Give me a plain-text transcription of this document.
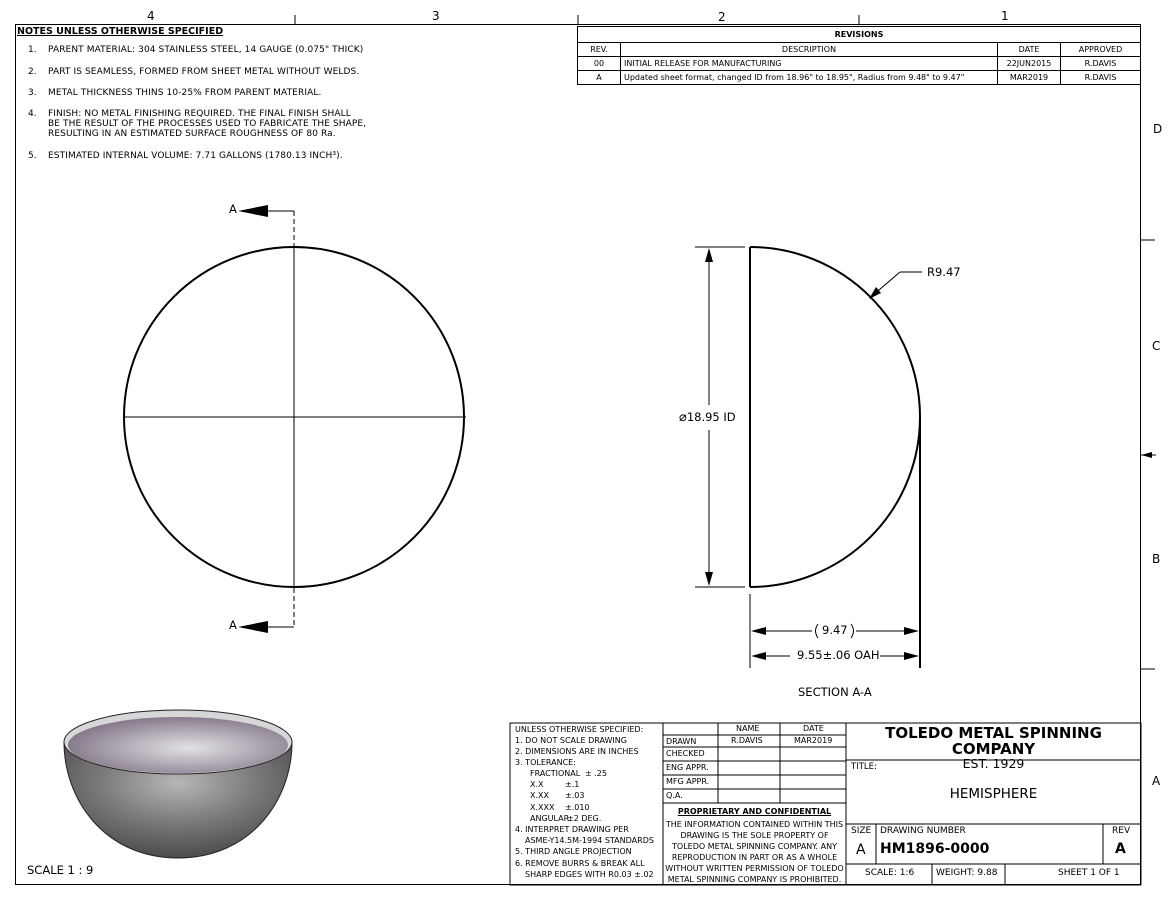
4	3	2	1
D
C
B
A
NOTES UNLESS OTHERWISE SPECIFIED
1. PARENT MATERIAL: 304 STAINLESS STEEL, 14 GAUGE (0.075" THICK)
2. PART IS SEAMLESS, FORMED FROM SHEET METAL WITHOUT WELDS.
3. METAL THICKNESS THINS 10-25% FROM PARENT MATERIAL.
4. FINISH: NO METAL FINISHING REQUIRED. THE FINAL FINISH SHALL
BE THE RESULT OF THE PROCESSES USED TO FABRICATE THE SHAPE,
RESULTING IN AN ESTIMATED SURFACE ROUGHNESS OF 80 Ra.
5. ESTIMATED INTERNAL VOLUME: 7.71 GALLONS (1780.13 INCH³).
REVISIONS			
REV.	DESCRIPTION	DATE	APPROVED
00	INITIAL RELEASE FOR MANUFACTURING	22JUN2015	R.DAVIS
A	Updated sheet format, changed ID from 18.96" to 18.95", Radius from 9.48" to 9.47"	MAR2019	R.DAVIS
A
A
R9.47
⌀18.95 ID
9.47
9.55±.06 OAH
SECTION A-A
SCALE 1 : 9
UNLESS OTHERWISE SPECIFIED:
1. DO NOT SCALE DRAWING
2. DIMENSIONS ARE IN INCHES
3. TOLERANCE:
FRACTIONAL ± .25
X.X	±.1
X.XX ±.03
X.XXX ±.010
ANGULAR:
±2 DEG.
4. INTERPRET DRAWING PER
ASME-Y14.5M-1994 STANDARDS
5. THIRD ANGLE PROJECTION
6. REMOVE BURRS & BREAK ALL
SHARP EDGES WITH R0.03 ±.02
NAME	DATE
DRAWN	R.DAVIS	MAR2019
CHECKED
ENG APPR.
MFG APPR.
Q.A.
PROPRIETARY AND CONFIDENTIAL
THE INFORMATION CONTAINED WITHIN THIS
DRAWING IS THE SOLE PROPERTY OF
TOLEDO METAL SPINNING COMPANY. ANY
REPRODUCTION IN PART OR AS A WHOLE
WITHOUT WRITTEN PERMISSION OF TOLEDO
METAL SPINNING COMPANY IS PROHIBITED.
TOLEDO METAL SPINNING COMPANY
EST. 1929
TITLE:
HEMISPHERE
SIZE
A
DRAWING NUMBER
HM1896-0000
REV
A
SCALE: 1:6 WEIGHT: 9.88	SHEET 1 OF 1
